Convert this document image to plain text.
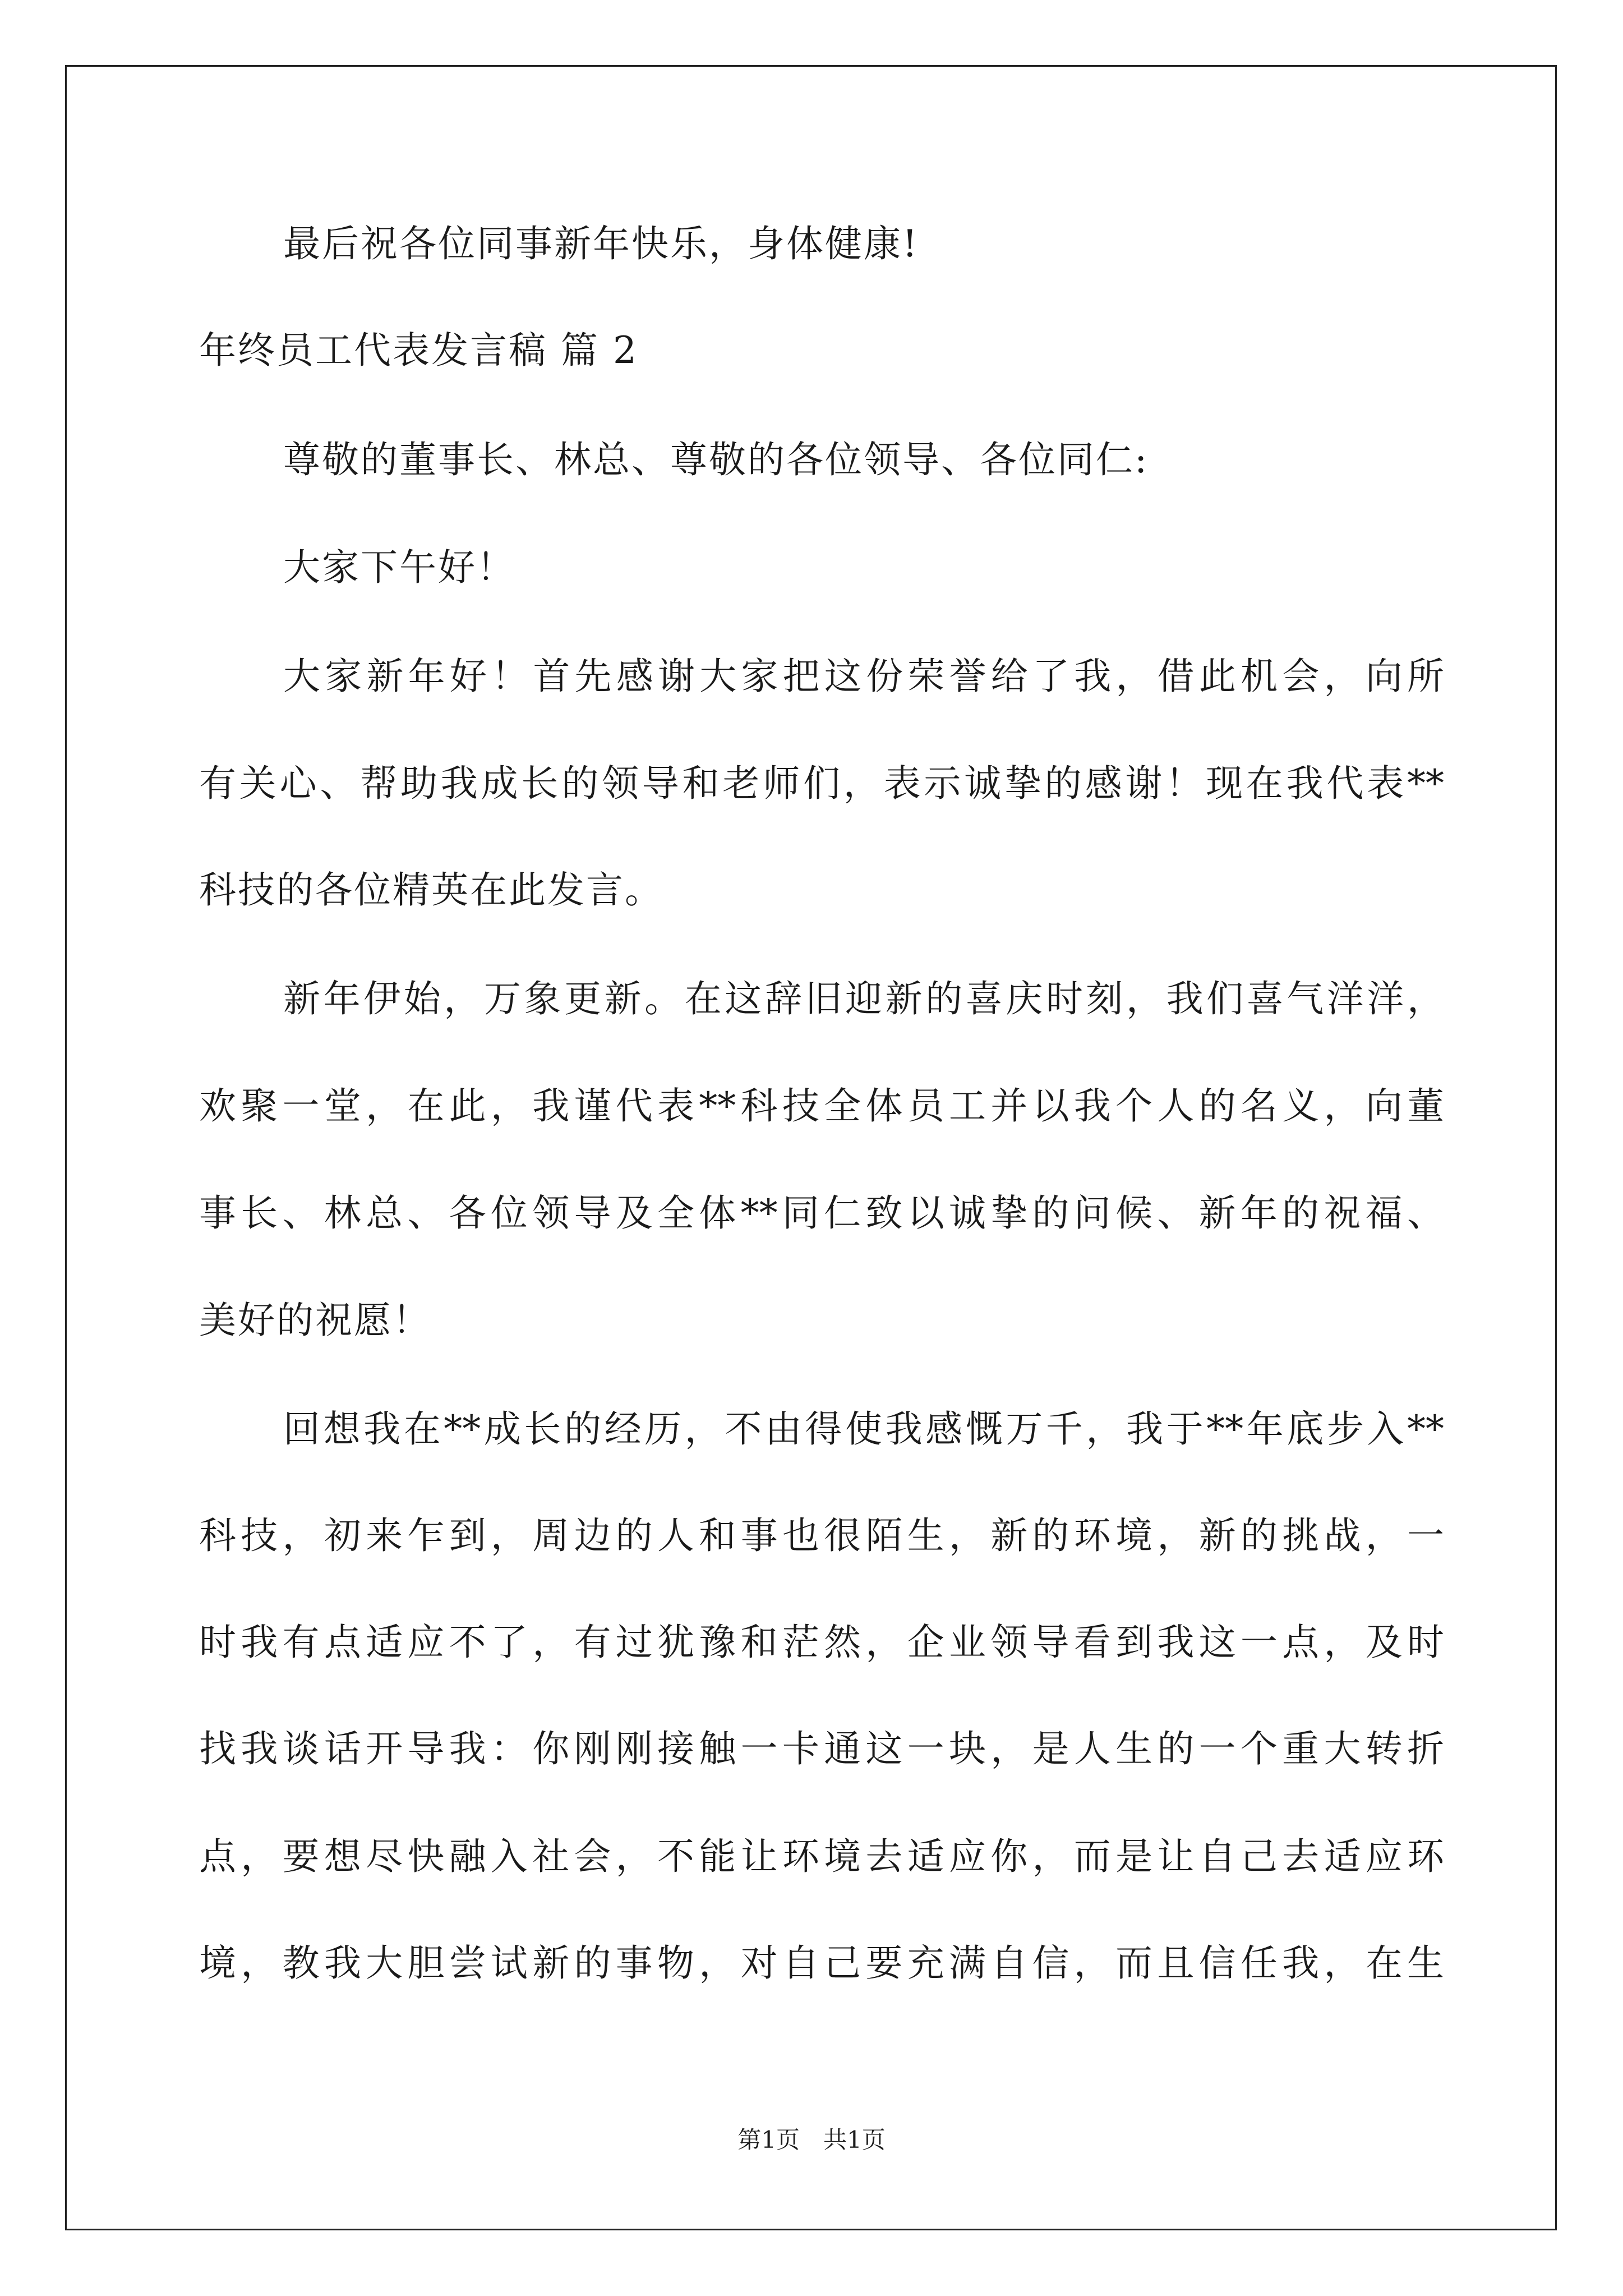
最后祝各位同事新年快乐，身体健康!
年终员工代表发言稿 篇 2
尊敬的董事长、林总、尊敬的各位领导、各位同仁:
大家下午好！
大家新年好！首先感谢大家把这份荣誉给了我，借此机会，向所
有关心、帮助我成长的领导和老师们，表示诚挚的感谢！现在我代表**
科技的各位精英在此发言。
新年伊始，万象更新。在这辞旧迎新的喜庆时刻，我们喜气洋洋，
欢聚一堂，在此，我谨代表**科技全体员工并以我个人的名义，向董
事长、林总、各位领导及全体**同仁致以诚挚的问候、新年的祝福、
美好的祝愿！
回想我在**成长的经历，不由得使我感慨万千，我于**年底步入**
科技，初来乍到，周边的人和事也很陌生，新的环境，新的挑战，一
时我有点适应不了，有过犹豫和茫然，企业领导看到我这一点，及时
找我谈话开导我：你刚刚接触一卡通这一块，是人生的一个重大转折
点，要想尽快融入社会，不能让环境去适应你，而是让自己去适应环
境，教我大胆尝试新的事物，对自己要充满自信，而且信任我，在生
第1页　共1页
